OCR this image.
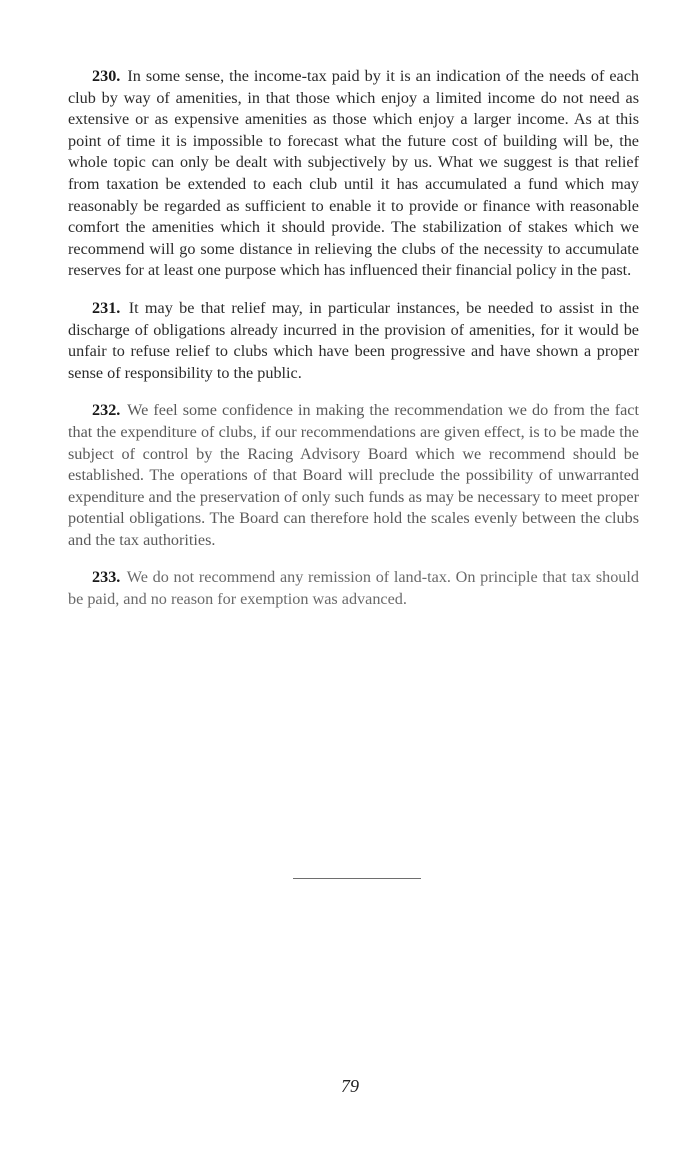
230. In some sense, the income-tax paid by it is an indication of the needs of each club by way of amenities, in that those which enjoy a limited income do not need as extensive or as expensive amenities as those which enjoy a larger income. As at this point of time it is impossible to forecast what the future cost of building will be, the whole topic can only be dealt with subjectively by us. What we suggest is that relief from taxation be extended to each club until it has accumulated a fund which may reasonably be regarded as sufficient to enable it to provide or finance with reasonable comfort the amenities which it should provide. The stabilization of stakes which we recommend will go some distance in relieving the clubs of the necessity to accumulate reserves for at least one purpose which has influenced their financial policy in the past.

231. It may be that relief may, in particular instances, be needed to assist in the discharge of obligations already incurred in the provision of amenities, for it would be unfair to refuse relief to clubs which have been progressive and have shown a proper sense of responsibility to the public.

232. We feel some confidence in making the recommendation we do from the fact that the expenditure of clubs, if our recommendations are given effect, is to be made the subject of control by the Racing Advisory Board which we recommend should be established. The operations of that Board will preclude the possibility of unwarranted expenditure and the preservation of only such funds as may be necessary to meet proper potential obligations. The Board can therefore hold the scales evenly between the clubs and the tax authorities.

233. We do not recommend any remission of land-tax. On principle that tax should be paid, and no reason for exemption was advanced.

79
